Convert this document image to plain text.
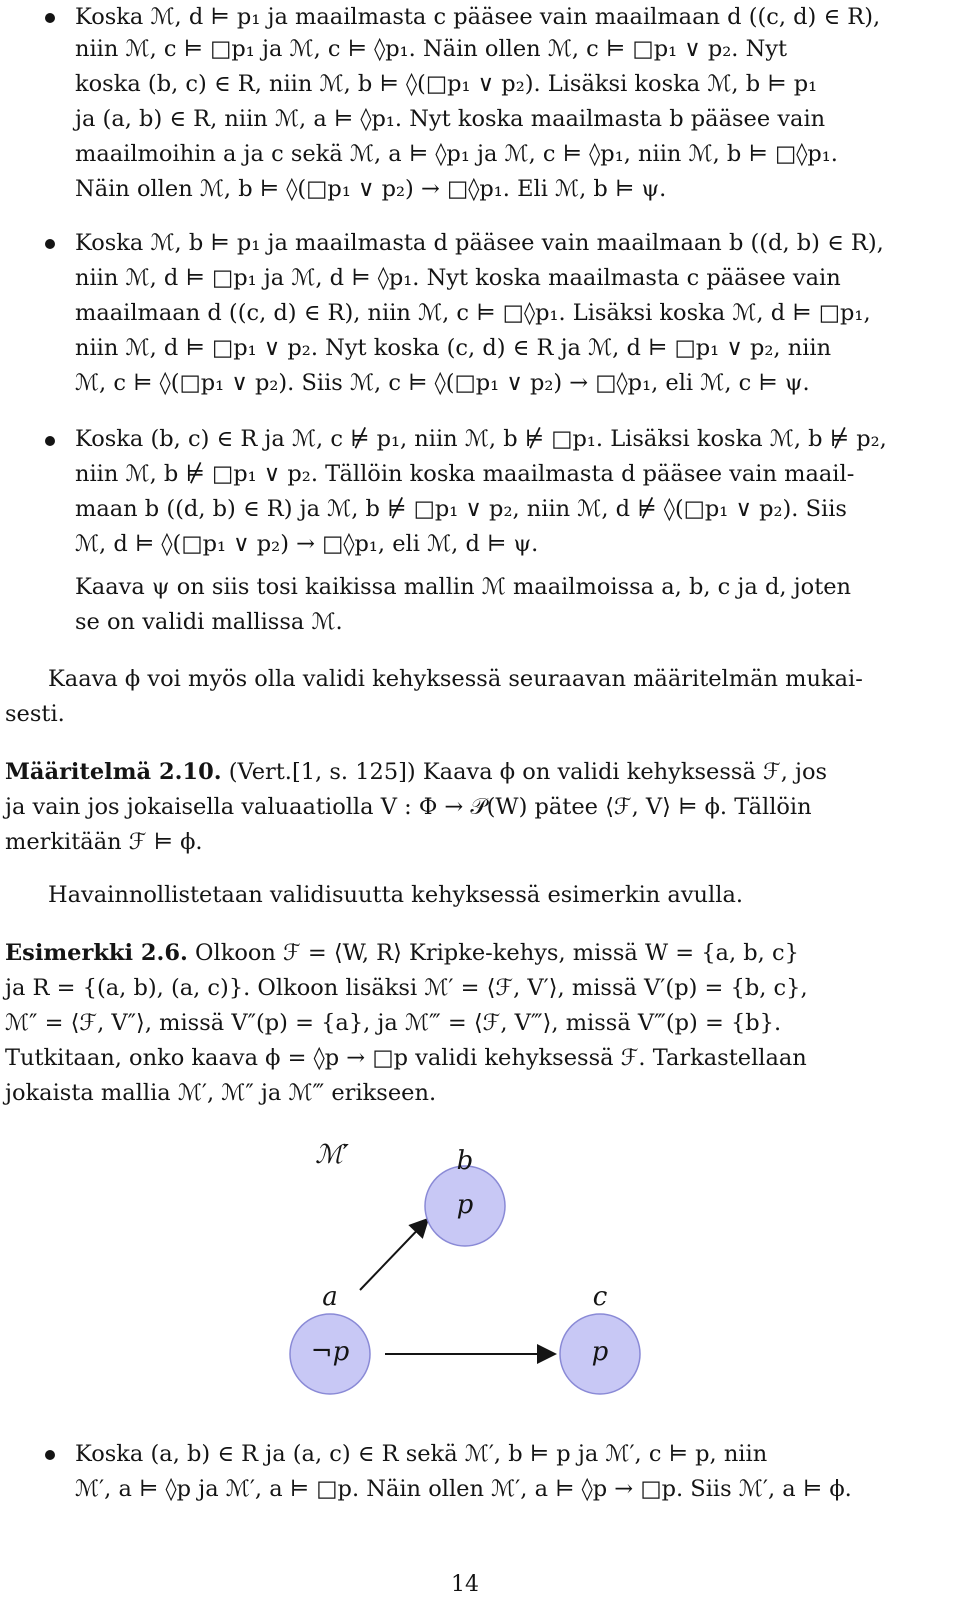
Koska ℳ, d ⊨ p₁ ja maailmasta c pääsee vain maailmaan d ((c, d) ∈ R),
niin ℳ, c ⊨ □p₁ ja ℳ, c ⊨ ◊p₁. Näin ollen ℳ, c ⊨ □p₁ ∨ p₂. Nyt
koska (b, c) ∈ R, niin ℳ, b ⊨ ◊(□p₁ ∨ p₂). Lisäksi koska ℳ, b ⊨ p₁
ja (a, b) ∈ R, niin ℳ, a ⊨ ◊p₁. Nyt koska maailmasta b pääsee vain
maailmoihin a ja c sekä ℳ, a ⊨ ◊p₁ ja ℳ, c ⊨ ◊p₁, niin ℳ, b ⊨ □◊p₁.
Näin ollen ℳ, b ⊨ ◊(□p₁ ∨ p₂) → □◊p₁. Eli ℳ, b ⊨ ψ.
Koska ℳ, b ⊨ p₁ ja maailmasta d pääsee vain maailmaan b ((d, b) ∈ R),
niin ℳ, d ⊨ □p₁ ja ℳ, d ⊨ ◊p₁. Nyt koska maailmasta c pääsee vain
maailmaan d ((c, d) ∈ R), niin ℳ, c ⊨ □◊p₁. Lisäksi koska ℳ, d ⊨ □p₁,
niin ℳ, d ⊨ □p₁ ∨ p₂. Nyt koska (c, d) ∈ R ja ℳ, d ⊨ □p₁ ∨ p₂, niin
ℳ, c ⊨ ◊(□p₁ ∨ p₂). Siis ℳ, c ⊨ ◊(□p₁ ∨ p₂) → □◊p₁, eli ℳ, c ⊨ ψ.
Koska (b, c) ∈ R ja ℳ, c ⊭ p₁, niin ℳ, b ⊭ □p₁. Lisäksi koska ℳ, b ⊭ p₂,
niin ℳ, b ⊭ □p₁ ∨ p₂. Tällöin koska maailmasta d pääsee vain maail-
maan b ((d, b) ∈ R) ja ℳ, b ⊭ □p₁ ∨ p₂, niin ℳ, d ⊭ ◊(□p₁ ∨ p₂). Siis
ℳ, d ⊨ ◊(□p₁ ∨ p₂) → □◊p₁, eli ℳ, d ⊨ ψ.
Kaava ψ on siis tosi kaikissa mallin ℳ maailmoissa a, b, c ja d, joten
se on validi mallissa ℳ.
Kaava ϕ voi myös olla validi kehyksessä seuraavan määritelmän mukai-
sesti.
Määritelmä 2.10. (Vert.[1, s. 125]) Kaava ϕ on validi kehyksessä ℱ, jos
ja vain jos jokaisella valuaatiolla V : Φ → 𝒫(W) pätee ⟨ℱ, V⟩ ⊨ ϕ. Tällöin
merkitään ℱ ⊨ ϕ.
Havainnollistetaan validisuutta kehyksessä esimerkin avulla.
Esimerkki 2.6. Olkoon ℱ = ⟨W, R⟩ Kripke-kehys, missä W = {a, b, c}
ja R = {(a, b), (a, c)}. Olkoon lisäksi ℳ′ = ⟨ℱ, V′⟩, missä V′(p) = {b, c},
ℳ″ = ⟨ℱ, V″⟩, missä V″(p) = {a}, ja ℳ‴ = ⟨ℱ, V‴⟩, missä V‴(p) = {b}.
Tutkitaan, onko kaava ϕ = ◊p → □p validi kehyksessä ℱ. Tarkastellaan
jokaista mallia ℳ′, ℳ″ ja ℳ‴ erikseen.
ℳ′	b
p
a
¬p
c
p
Koska (a, b) ∈ R ja (a, c) ∈ R sekä ℳ′, b ⊨ p ja ℳ′, c ⊨ p, niin
ℳ′, a ⊨ ◊p ja ℳ′, a ⊨ □p. Näin ollen ℳ′, a ⊨ ◊p → □p. Siis ℳ′, a ⊨ ϕ.
14
